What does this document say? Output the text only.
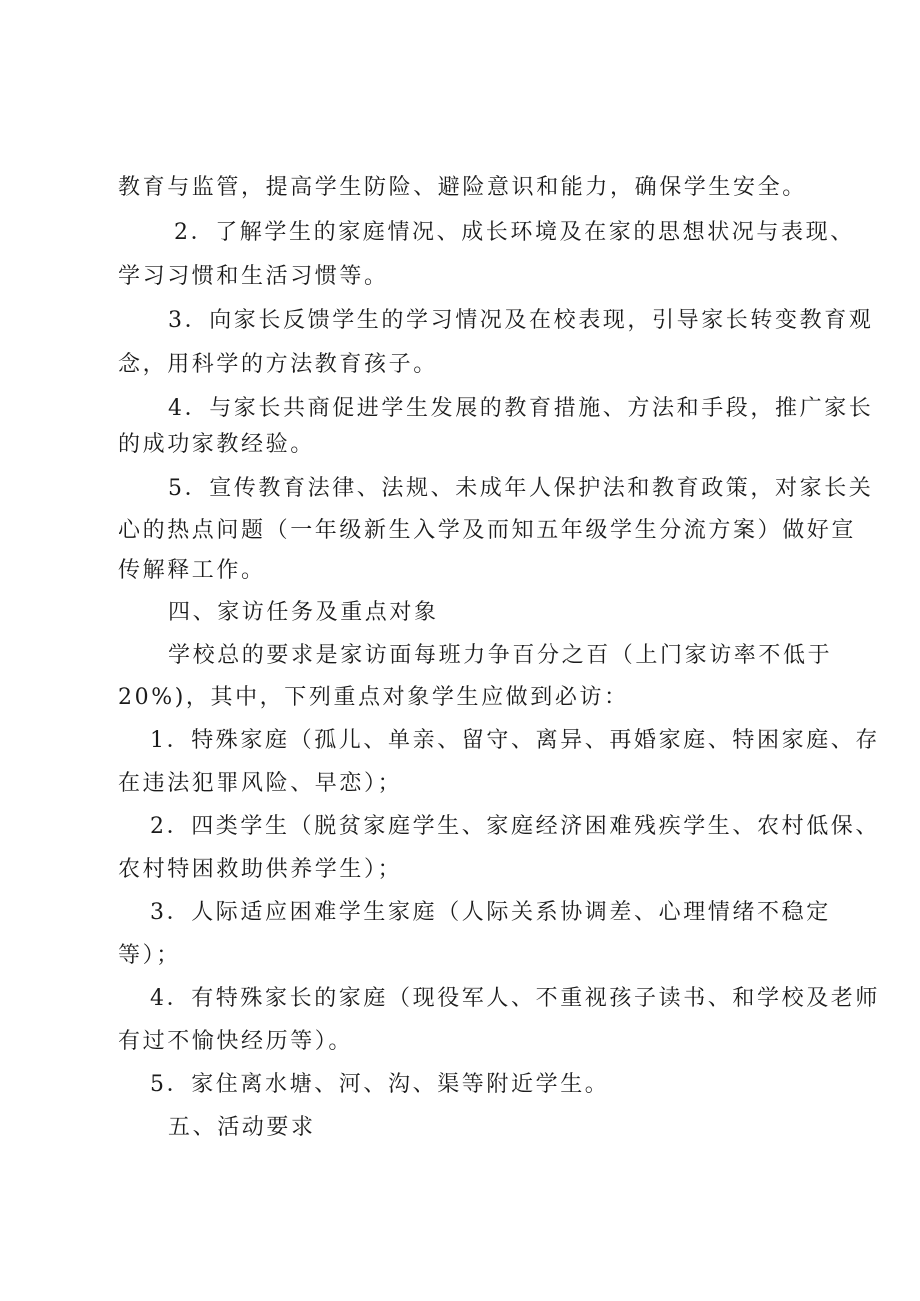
教育与监管，提高学生防险、避险意识和能力，确保学生安全。
2．了解学生的家庭情况、成长环境及在家的思想状况与表现、
学习习惯和生活习惯等。
3．向家长反馈学生的学习情况及在校表现，引导家长转变教育观
念，用科学的方法教育孩子。
4．与家长共商促进学生发展的教育措施、方法和手段，推广家长
的成功家教经验。
5．宣传教育法律、法规、未成年人保护法和教育政策，对家长关
心的热点问题（一年级新生入学及而知五年级学生分流方案）做好宣
传解释工作。
四、家访任务及重点对象
学校总的要求是家访面每班力争百分之百（上门家访率不低于
20%)，其中，下列重点对象学生应做到必访：
1．特殊家庭（孤儿、单亲、留守、离异、再婚家庭、特困家庭、存
在违法犯罪风险、早恋）；
2．四类学生（脱贫家庭学生、家庭经济困难残疾学生、农村低保、
农村特困救助供养学生）；
3．人际适应困难学生家庭（人际关系协调差、心理情绪不稳定
等）；
4．有特殊家长的家庭（现役军人、不重视孩子读书、和学校及老师
有过不愉快经历等）。
5．家住离水塘、河、沟、渠等附近学生。
五、活动要求
